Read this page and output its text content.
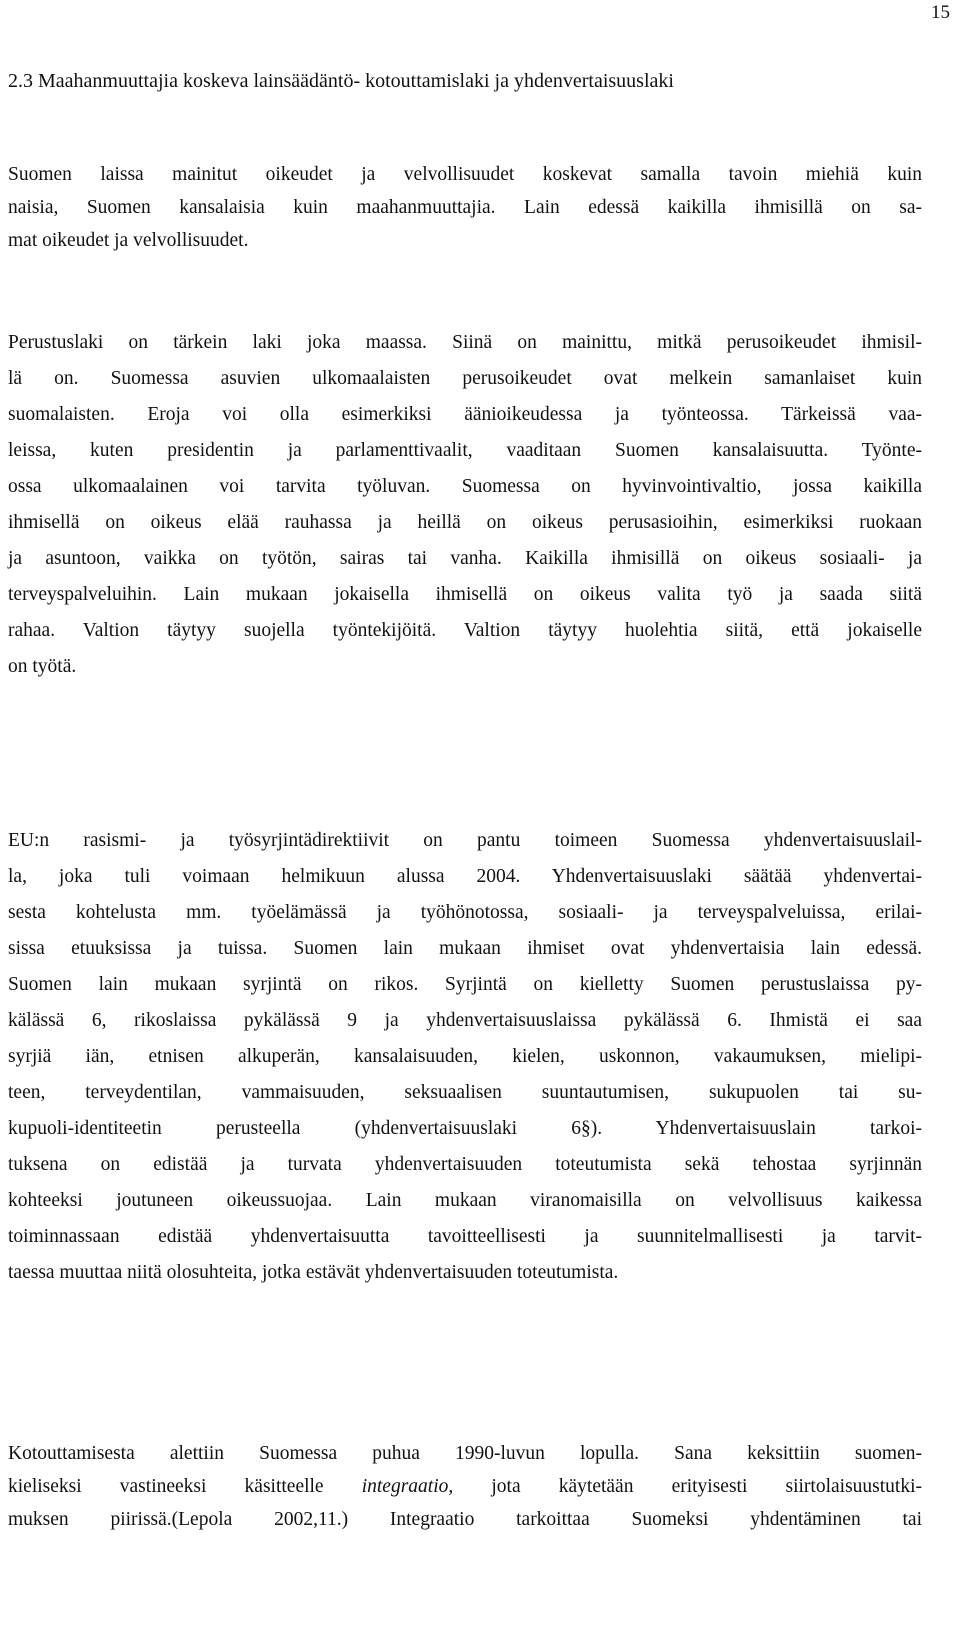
15
2.3 Maahanmuuttajia koskeva lainsäädäntö- kotouttamislaki ja yhdenvertaisuuslaki
Suomen laissa mainitut oikeudet ja velvollisuudet koskevat samalla tavoin miehiä kuin
naisia, Suomen kansalaisia kuin maahanmuuttajia. Lain edessä kaikilla ihmisillä on sa-
mat oikeudet ja velvollisuudet.
Perustuslaki on tärkein laki joka maassa. Siinä on mainittu, mitkä perusoikeudet ihmisil-
lä on. Suomessa asuvien ulkomaalaisten perusoikeudet ovat melkein samanlaiset kuin
suomalaisten. Eroja voi olla esimerkiksi äänioikeudessa ja työnteossa. Tärkeissä vaa-
leissa, kuten presidentin ja parlamenttivaalit, vaaditaan Suomen kansalaisuutta. Työnte-
ossa ulkomaalainen voi tarvita työluvan. Suomessa on hyvinvointivaltio, jossa kaikilla
ihmisellä on oikeus elää rauhassa ja heillä on oikeus perusasioihin, esimerkiksi ruokaan
ja asuntoon, vaikka on työtön, sairas tai vanha. Kaikilla ihmisillä on oikeus sosiaali- ja
terveyspalveluihin. Lain mukaan jokaisella ihmisellä on oikeus valita työ ja saada siitä
rahaa. Valtion täytyy suojella työntekijöitä. Valtion täytyy huolehtia siitä, että jokaiselle
on työtä.
EU:n rasismi- ja työsyrjintädirektiivit on pantu toimeen Suomessa yhdenvertaisuuslail-
la, joka tuli voimaan helmikuun alussa 2004. Yhdenvertaisuuslaki säätää yhdenvertai-
sesta kohtelusta mm. työelämässä ja työhönotossa, sosiaali- ja terveyspalveluissa, erilai-
sissa etuuksissa ja tuissa. Suomen lain mukaan ihmiset ovat yhdenvertaisia lain edessä.
Suomen lain mukaan syrjintä on rikos. Syrjintä on kielletty Suomen perustuslaissa py-
kälässä 6, rikoslaissa pykälässä 9 ja yhdenvertaisuuslaissa pykälässä 6. Ihmistä ei saa
syrjiä iän, etnisen alkuperän, kansalaisuuden, kielen, uskonnon, vakaumuksen, mielipi-
teen, terveydentilan, vammaisuuden, seksuaalisen suuntautumisen, sukupuolen tai su-
kupuoli-identiteetin perusteella (yhdenvertaisuuslaki 6§). Yhdenvertaisuuslain tarkoi-
tuksena on edistää ja turvata yhdenvertaisuuden toteutumista sekä tehostaa syrjinnän
kohteeksi joutuneen oikeussuojaa. Lain mukaan viranomaisilla on velvollisuus kaikessa
toiminnassaan edistää yhdenvertaisuutta tavoitteellisesti ja suunnitelmallisesti ja tarvit-
taessa muuttaa niitä olosuhteita, jotka estävät yhdenvertaisuuden toteutumista.
Kotouttamisesta alettiin Suomessa puhua 1990-luvun lopulla. Sana keksittiin suomen-
kieliseksi vastineeksi käsitteelle integraatio, jota käytetään erityisesti siirtolaisuustutki-
muksen piirissä.(Lepola 2002,11.) Integraatio tarkoittaa Suomeksi yhdentäminen tai
